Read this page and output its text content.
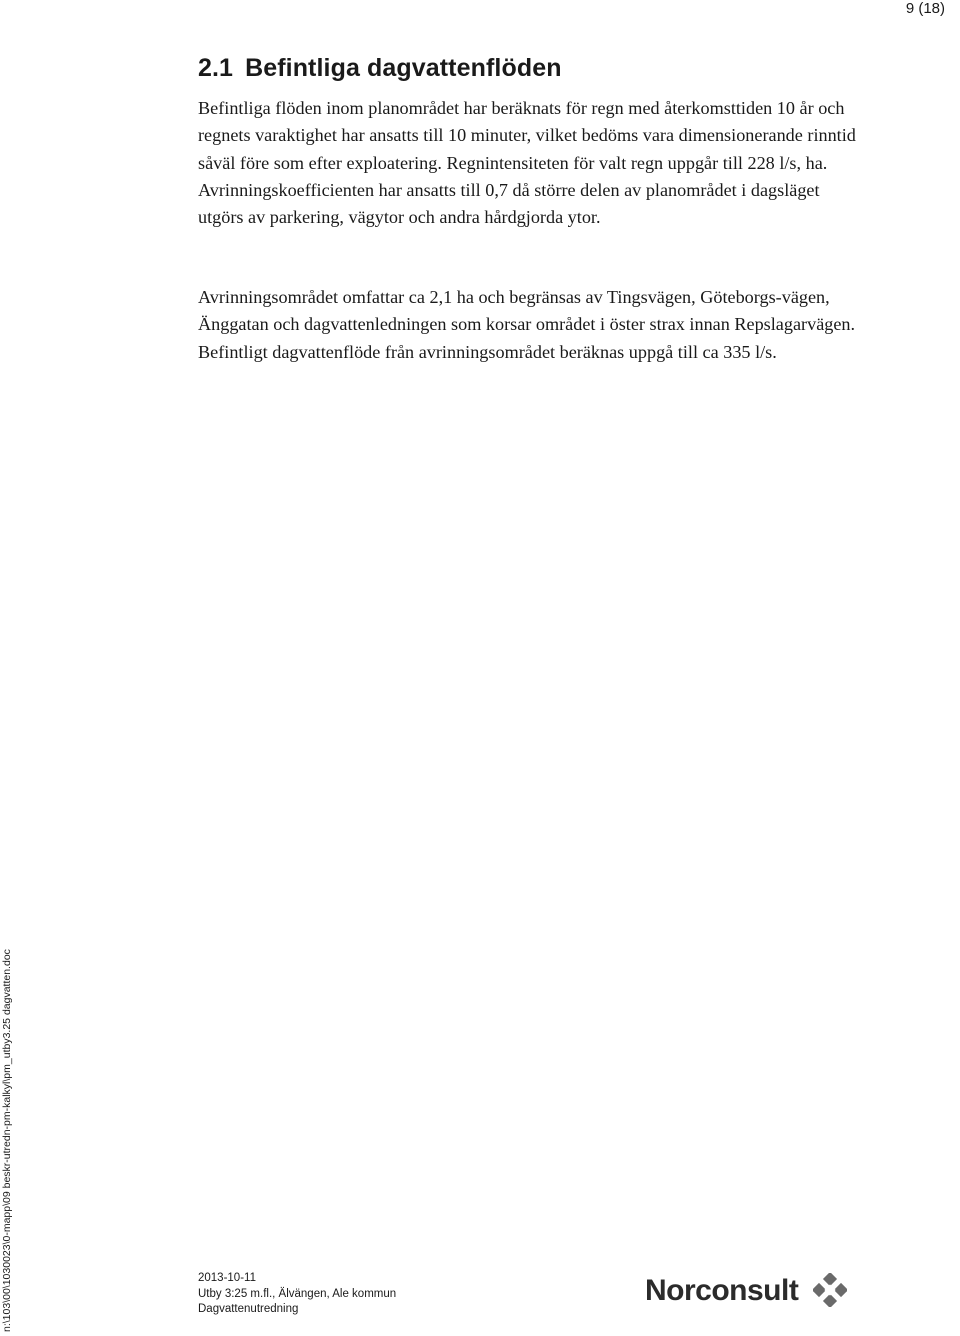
9 (18)
2.1 Befintliga dagvattenflöden

Befintliga flöden inom planområdet har beräknats för regn med återkomsttiden 10 år och regnets varaktighet har ansatts till 10 minuter, vilket bedöms vara dimensionerande rinntid såväl före som efter exploatering. Regnintensiteten för valt regn uppgår till 228 l/s, ha. Avrinningskoefficienten har ansatts till 0,7 då större delen av planområdet i dagsläget utgörs av parkering, vägytor och andra hårdgjorda ytor.

Avrinningsområdet omfattar ca 2,1 ha och begränsas av Tingsvägen, Göteborgs-vägen, Änggatan och dagvattenledningen som korsar området i öster strax innan Repslagarvägen. Befintligt dagvattenflöde från avrinningsområdet beräknas uppgå till ca 335 l/s.

n:\103\00\1030023\0-mapp\09 beskr-utredn-pm-kalkyl\pm_utby3.25 dagvatten.doc	2013-10-11
Utby 3:25 m.fl., Älvängen, Ale kommun
Dagvattenutredning
Norconsult
